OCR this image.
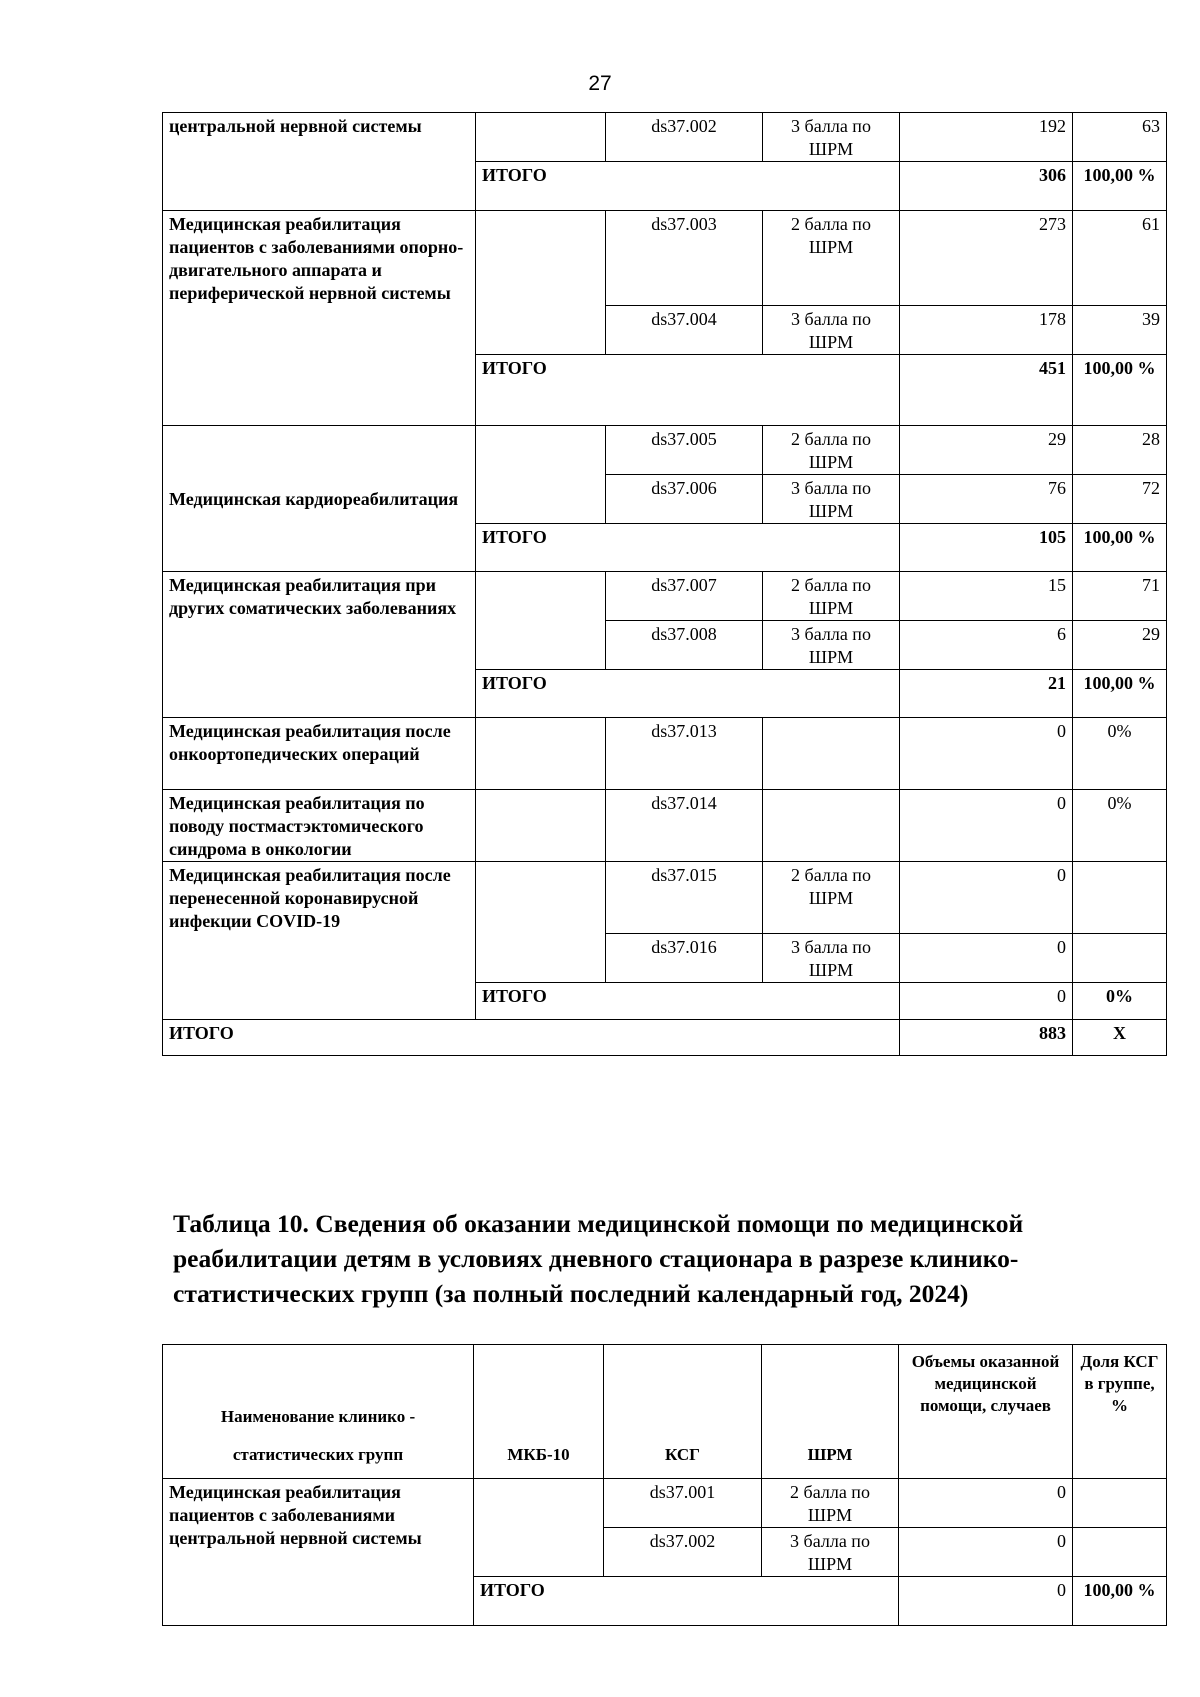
27
центральной нервной системы		ds37.002	3 балла по ШРМ	192	63
	ИТОГО			306	100,00 %
Медицинская реабилитация пациентов с заболеваниями опорно-двигательного аппарата и периферической нервной системы		ds37.003	2 балла по ШРМ	273	61
		ds37.004	3 балла по ШРМ	178	39
	ИТОГО			451	100,00 %
Медицинская кардиореабилитация		ds37.005	2 балла по ШРМ	29	28
		ds37.006	3 балла по ШРМ	76	72
	ИТОГО			105	100,00 %
Медицинская реабилитация при других соматических заболеваниях		ds37.007	2 балла по ШРМ	15	71
		ds37.008	3 балла по ШРМ	6	29
	ИТОГО			21	100,00 %
Медицинская реабилитация после онкоортопедических операций		ds37.013		0	0%
Медицинская реабилитация по поводу постмастэктомического синдрома в онкологии		ds37.014		0	0%
Медицинская реабилитация после перенесенной коронавирусной инфекции COVID-19		ds37.015	2 балла по ШРМ	0	
		ds37.016	3 балла по ШРМ	0	
	ИТОГО			0	0%
ИТОГО				883	Х
Таблица 10. Сведения об оказании медицинской помощи по медицинской реабилитации детям в условиях дневного стационара в разрезе клинико-статистических групп (за полный последний календарный год, 2024)
Наименование клинико -
статистических групп	МКБ-10	КСГ	ШРМ	Объемы оказанной медицинской помощи, случаев	Доля КСГ в группе, %
Медицинская реабилитация пациентов с заболеваниями центральной нервной системы		ds37.001	2 балла по ШРМ	0	
		ds37.002	3 балла по ШРМ	0	
	ИТОГО			0	100,00 %
